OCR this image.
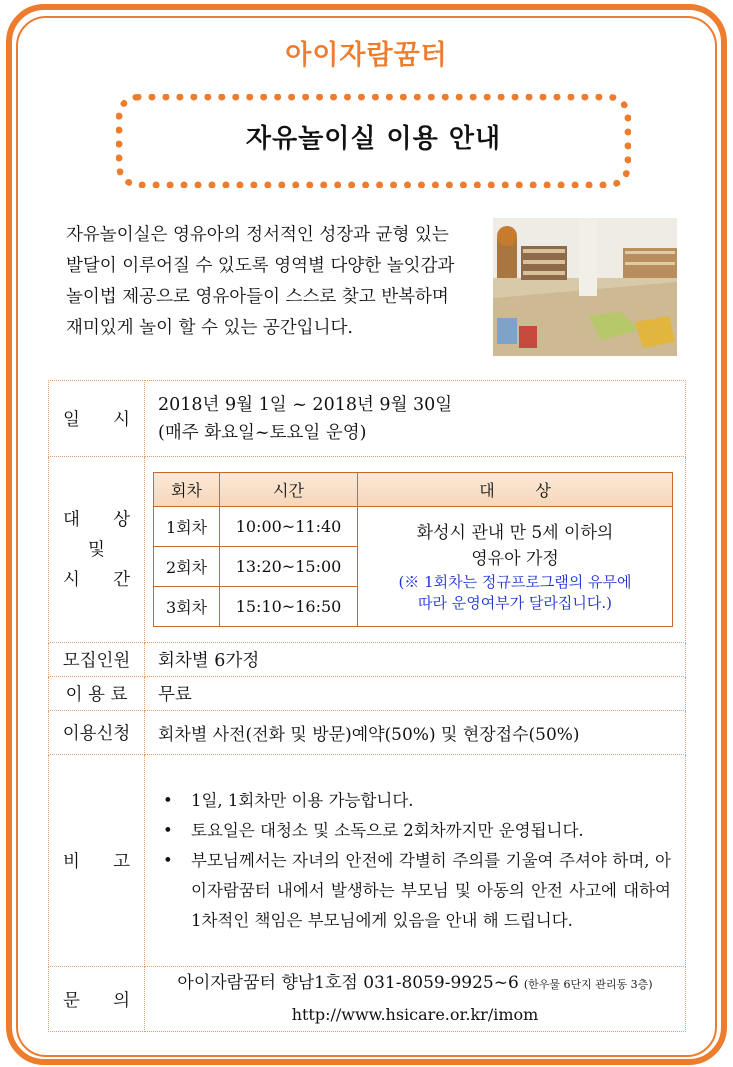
아이자람꿈터
자유놀이실 이용 안내
자유놀이실은 영유아의 정서적인 성장과 균형 있는
발달이 이루어질 수 있도록 영역별 다양한 놀잇감과
놀이법 제공으로 영유아들이 스스로 찾고 반복하며
재미있게 놀이 할 수 있는 공간입니다.
일 시

2018년 9월 1일 ~ 2018년 9월 30일
(매주 화요일~토요일 운영)

대 상
및
시 간

회차	시간	대        상
1회차	10:00~11:40	화성시 관내 만 5세 이하의
영유아 가정
(※ 1회차는 정규프로그램의 유무에
따라 운영여부가 달라집니다.)

2회차	13:20~15:00
3회차	15:10~16:50

모집인원	회차별 6가정
이 용 료	무료
이용신청	회차별 사전(전화 및 방문)예약(50%) 및 현장접수(50%)

비 고

• 1일, 1회차만 이용 가능합니다.
• 토요일은 대청소 및 소독으로 2회차까지만 운영됩니다.
• 부모님께서는 자녀의 안전에 각별히 주의를 기울여 주셔야 하며, 아이자람꿈터 내에서 발생하는 부모님 및 아동의 안전 사고에 대하여 1차적인 책임은 부모님에게 있음을 안내 해 드립니다.

문 의

아이자람꿈터 향남1호점 031-8059-9925~6 (한우물 6단지 관리동 3층)
http://www.hsicare.or.kr/imom
